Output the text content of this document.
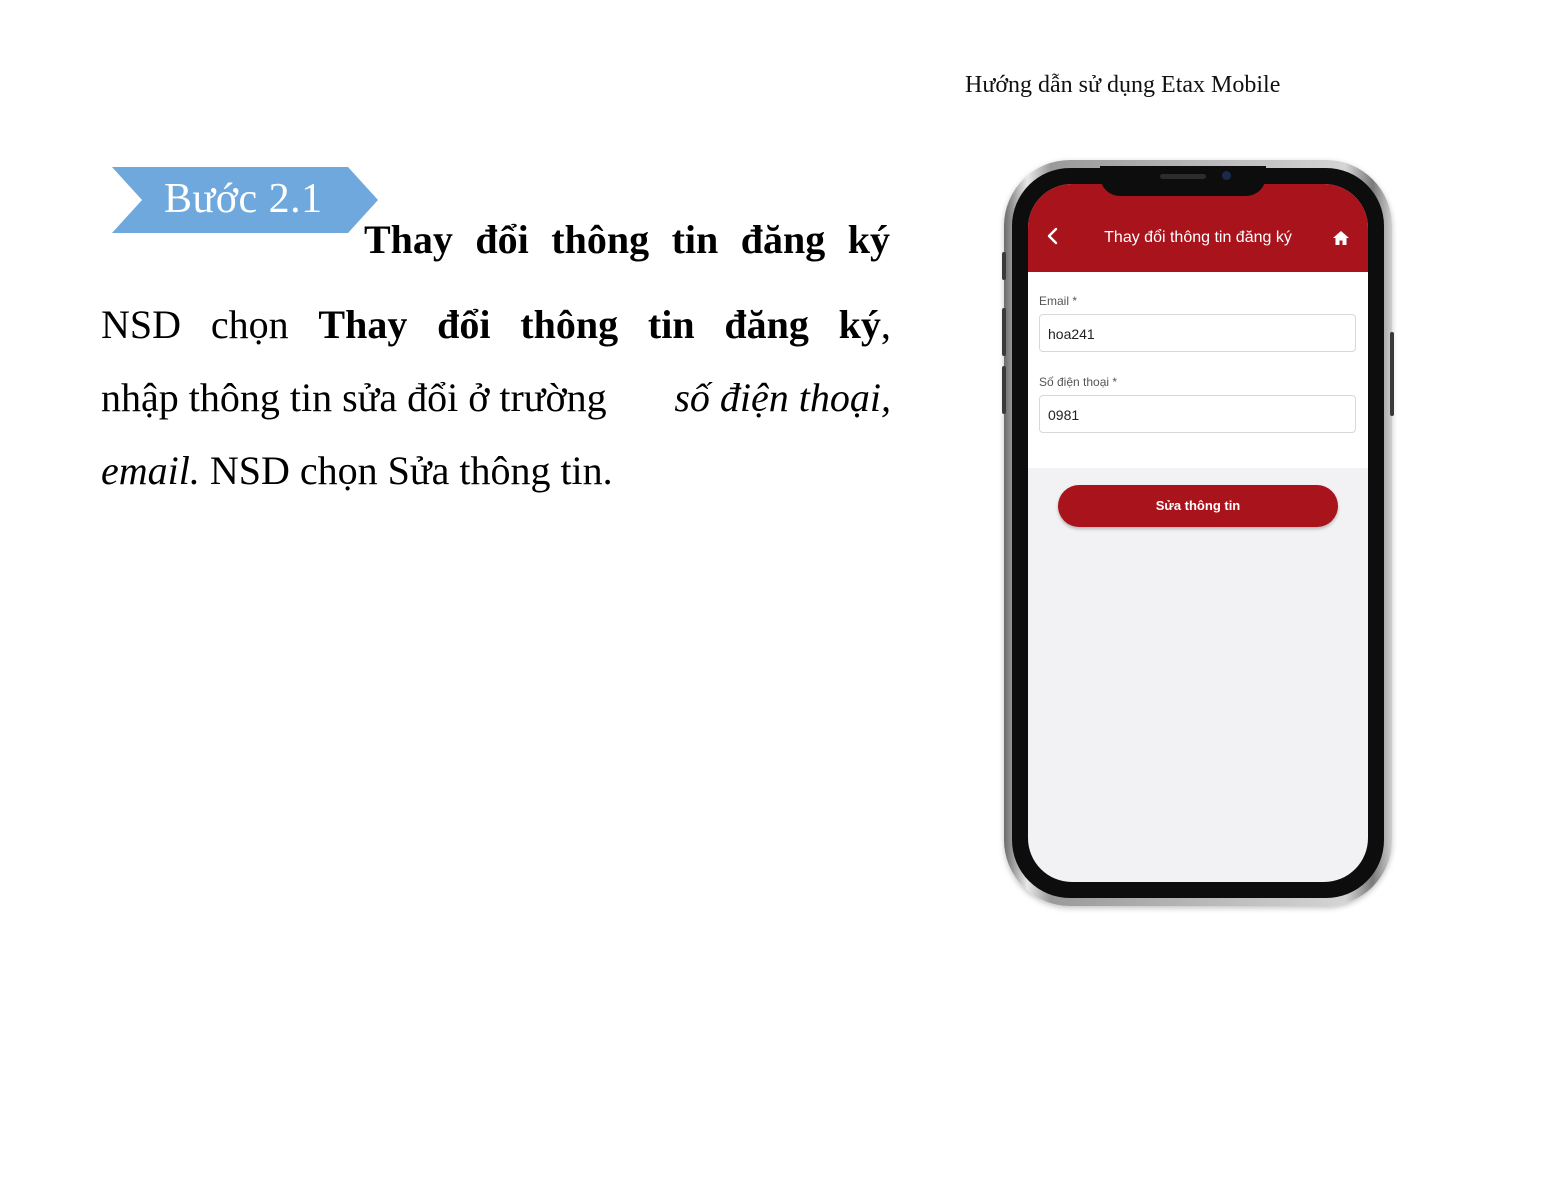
Hướng dẫn sử dụng Etax Mobile
Bước 2.1
Thay đổi thông tin đăng ký
NSD chọn Thay đổi thông tin đăng ký,
nhập thông tin sửa đổi ở trường số điện thoại,
email. NSD chọn Sửa thông tin.
Thay đổi thông tin đăng ký
Email *
hoa241
Số điện thoại *
0981
Sửa thông tin
